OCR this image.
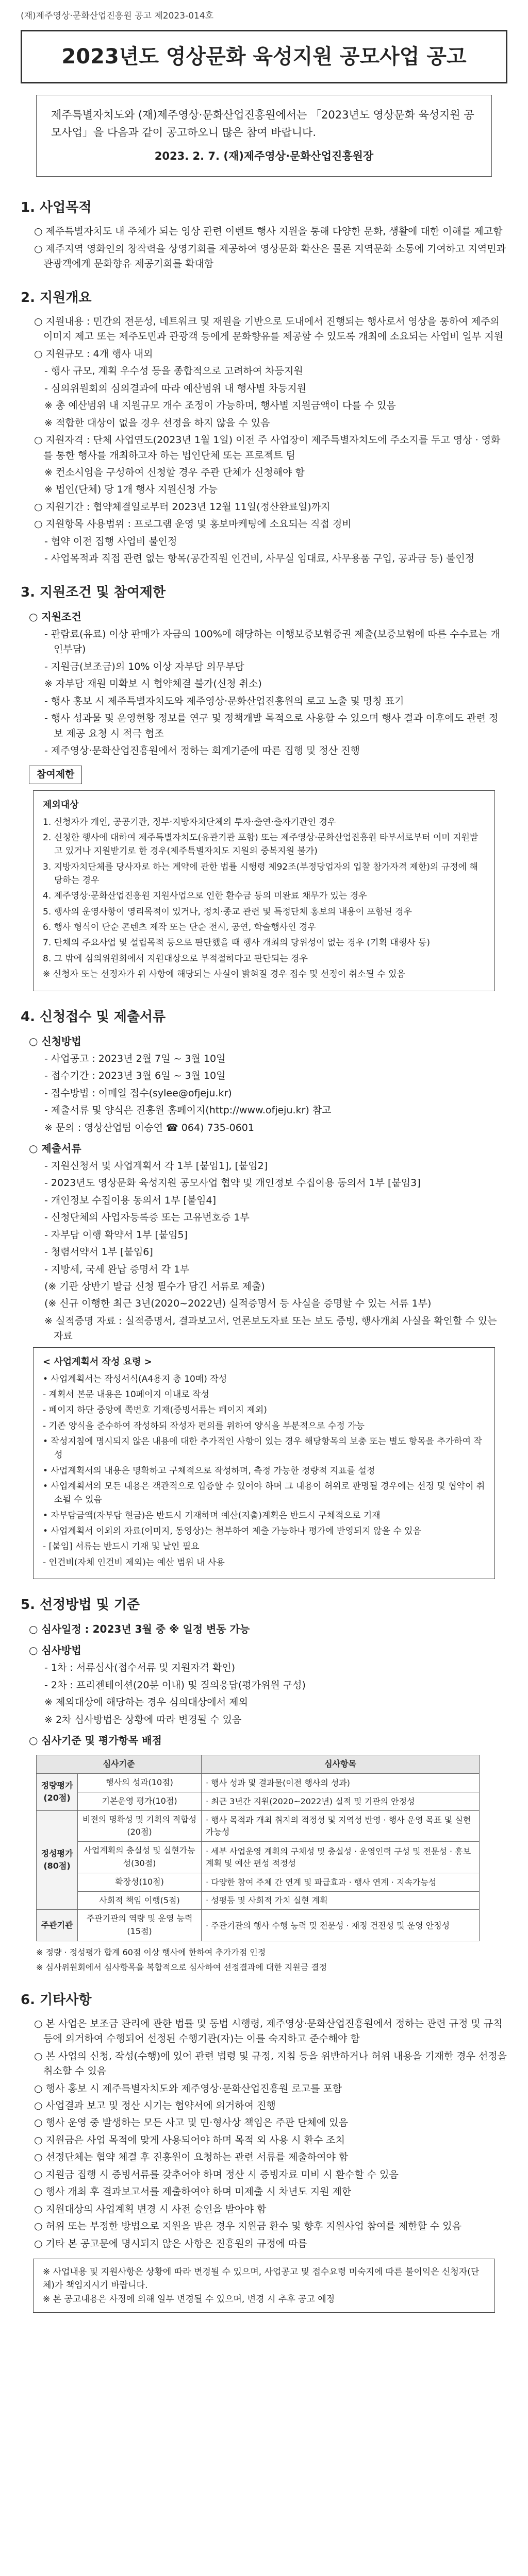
(재)제주영상·문화산업진흥원 공고 제2023-014호
2023년도 영상문화 육성지원 공모사업 공고
제주특별자치도와 (재)제주영상·문화산업진흥원에서는 「2023년도 영상문화 육성지원 공모사업」을 다음과 같이 공고하오니 많은 참여 바랍니다.
2023. 2. 7. (재)제주영상·문화산업진흥원장
1. 사업목적
○ 제주특별자치도 내 주체가 되는 영상 관련 이벤트 행사 지원을 통해 다양한 문화, 생활에 대한 이해를 제고함
○ 제주지역 영화인의 창작력을 상영기회를 제공하여 영상문화 확산은 물론 지역문화 소통에 기여하고 지역민과 관광객에게 문화향유 제공기회를 확대함
2. 지원개요
○ 지원내용 : 민간의 전문성, 네트워크 및 재원을 기반으로 도내에서 진행되는 행사로서 영상을 통하여 제주의 이미지 제고 또는 제주도민과 관광객 등에게 문화향유를 제공할 수 있도록 개최에 소요되는 사업비 일부 지원
○ 지원규모 : 4개 행사 내외
- 행사 규모, 계획 우수성 등을 종합적으로 고려하여 차등지원
- 심의위원회의 심의결과에 따라 예산범위 내 행사별 차등지원
※ 총 예산범위 내 지원규모 개수 조정이 가능하며, 행사별 지원금액이 다를 수 있음
※ 적합한 대상이 없을 경우 선정을 하지 않을 수 있음
○ 지원자격 : 단체 사업연도(2023년 1월 1일) 이전 주 사업장이 제주특별자치도에 주소지를 두고 영상 · 영화를 통한 행사를 개최하고자 하는 법인단체 또는 프로젝트 팀
※ 컨소시엄을 구성하여 신청할 경우 주관 단체가 신청해야 함
※ 법인(단체) 당 1개 행사 지원신청 가능
○ 지원기간 : 협약체결일로부터 2023년 12월 11일(정산완료일)까지
○ 지원항목 사용범위 : 프로그램 운영 및 홍보마케팅에 소요되는 직접 경비
- 협약 이전 집행 사업비 불인정
- 사업목적과 직접 관련 없는 항목(공간직원 인건비, 사무실 임대료, 사무용품 구입, 공과금 등) 불인정
3. 지원조건 및 참여제한
○ 지원조건
- 관람료(유료) 이상 판매가 자금의 100%에 해당하는 이행보증보험증권 제출(보증보험에 따른 수수료는 개인부담)
- 지원금(보조금)의 10% 이상 자부담 의무부담
※ 자부담 재원 미확보 시 협약체결 불가(신청 취소)
- 행사 홍보 시 제주특별자치도와 제주영상·문화산업진흥원의 로고 노출 및 명칭 표기
- 행사 성과물 및 운영현황 정보를 연구 및 정책개발 목적으로 사용할 수 있으며 행사 결과 이후에도 관련 정보 제공 요청 시 적극 협조
- 제주영상·문화산업진흥원에서 정하는 회계기준에 따른 집행 및 정산 진행
참여제한
제외대상
1. 신청자가 개인, 공공기관, 정부·지방자치단체의 투자·출연·출자기관인 경우
2. 신청한 행사에 대하여 제주특별자치도(유관기관 포함) 또는 제주영상·문화산업진흥원 타부서로부터 이미 지원받고 있거나 지원받기로 한 경우(제주특별자치도 지원의 중복지원 불가)
3. 지방자치단체를 당사자로 하는 계약에 관한 법률 시행령 제92조(부정당업자의 입찰 참가자격 제한)의 규정에 해당하는 경우
4. 제주영상·문화산업진흥원 지원사업으로 인한 환수금 등의 미완료 채무가 있는 경우
5. 행사의 운영사항이 영리목적이 있거나, 정치·종교 관련 및 특정단체 홍보의 내용이 포함된 경우
6. 행사 형식이 단순 콘텐츠 제작 또는 단순 전시, 공연, 학술행사인 경우
7. 단체의 주요사업 및 설립목적 등으로 판단했을 때 행사 개최의 당위성이 없는 경우 (기획 대행사 등)
8. 그 밖에 심의위원회에서 지원대상으로 부적절하다고 판단되는 경우
※ 신청자 또는 선정자가 위 사항에 해당되는 사실이 밝혀질 경우 접수 및 선정이 취소될 수 있음
4. 신청접수 및 제출서류
○ 신청방법
- 사업공고 : 2023년 2월 7일 ~ 3월 10일
- 접수기간 : 2023년 3월 6일 ~ 3월 10일
- 접수방법 : 이메일 접수(sylee@ofjeju.kr)
- 제출서류 및 양식은 진흥원 홈페이지(http://www.ofjeju.kr) 참고
※ 문의 : 영상산업팀 이승연 ☎ 064) 735-0601
○ 제출서류
- 지원신청서 및 사업계획서 각 1부 [붙임1], [붙임2]
- 2023년도 영상문화 육성지원 공모사업 협약 및 개인정보 수집이용 동의서 1부 [붙임3]
- 개인정보 수집이용 동의서 1부 [붙임4]
- 신청단체의 사업자등록증 또는 고유번호증 1부
- 자부담 이행 확약서 1부 [붙임5]
- 청렴서약서 1부 [붙임6]
- 지방세, 국세 완납 증명서 각 1부
(※ 기관 상반기 발급 신청 필수가 담긴 서류로 제출)
(※ 신규 이행한 최근 3년(2020~2022년) 실적증명서 등 사실을 증명할 수 있는 서류 1부)
※ 실적증명 자료 : 실적증명서, 결과보고서, 언론보도자료 또는 보도 증빙, 행사개최 사실을 확인할 수 있는 자료
< 사업계획서 작성 요령 >
• 사업계획서는 작성서식(A4용지 총 10매) 작성
- 계획서 본문 내용은 10페이지 이내로 작성
- 페이지 하단 중앙에 쪽번호 기재(증빙서류는 페이지 제외)
- 기존 양식을 준수하여 작성하되 작성자 편의를 위하여 양식을 부분적으로 수정 가능
• 작성지침에 명시되지 않은 내용에 대한 추가적인 사항이 있는 경우 해당항목의 보충 또는 별도 항목을 추가하여 작성
• 사업계획서의 내용은 명확하고 구체적으로 작성하며, 측정 가능한 정량적 지표를 설정
• 사업계획서의 모든 내용은 객관적으로 입증할 수 있어야 하며 그 내용이 허위로 판명될 경우에는 선정 및 협약이 취소될 수 있음
• 자부담금액(자부담 현금)은 반드시 기재하며 예산(지출)계획은 반드시 구체적으로 기재
• 사업계획서 이외의 자료(이미지, 동영상)는 첨부하여 제출 가능하나 평가에 반영되지 않을 수 있음
- [붙임] 서류는 반드시 기재 및 날인 필요
- 인건비(자체 인건비 제외)는 예산 범위 내 사용
5. 선정방법 및 기준
○ 심사일정 : 2023년 3월 중 ※ 일정 변동 가능
○ 심사방법
- 1차 : 서류심사(접수서류 및 지원자격 확인)
- 2차 : 프리젠테이션(20분 이내) 및 질의응답(평가위원 구성)
※ 제외대상에 해당하는 경우 심의대상에서 제외
※ 2차 심사방법은 상황에 따라 변경될 수 있음
○ 심사기준 및 평가항목 배점
심사기준		심사항목
정량평가 (20점)	행사의 성과(10점)	· 행사 성과 및 결과물(이전 행사의 성과)
	기본운영 평가(10점)	· 최근 3년간 지원(2020~2022년) 실적 및 기관의 안정성
정성평가 (80점)	비전의 명확성 및 기획의 적합성(20점)	· 행사 목적과 개최 취지의 적정성 및 지역성 반영 · 행사 운영 목표 및 실현 가능성
	사업계획의 충실성 및 실현가능성(30점)	· 세부 사업운영 계획의 구체성 및 충실성 · 운영인력 구성 및 전문성 · 홍보 계획 및 예산 편성 적정성
	확장성(10점)	· 다양한 참여 주체 간 연계 및 파급효과 · 행사 연계 · 지속가능성
	사회적 책임 이행(5점)	· 성평등 및 사회적 가치 실현 계획
주관기관	주관기관의 역량 및 운영 능력(15점)	· 주관기관의 행사 수행 능력 및 전문성 · 재정 건전성 및 운영 안정성
※ 정량 · 정성평가 합계 60점 이상 행사에 한하여 추가가점 인정
※ 심사위원회에서 심사항목을 복합적으로 심사하여 선정결과에 대한 지원금 결정
6. 기타사항
○ 본 사업은 보조금 관리에 관한 법률 및 동법 시행령, 제주영상·문화산업진흥원에서 정하는 관련 규정 및 규칙 등에 의거하여 수행되어 선정된 수행기관(자)는 이를 숙지하고 준수해야 함
○ 본 사업의 신청, 작성(수행)에 있어 관련 법령 및 규정, 지침 등을 위반하거나 허위 내용을 기재한 경우 선정을 취소할 수 있음
○ 행사 홍보 시 제주특별자치도와 제주영상·문화산업진흥원 로고를 포함
○ 사업결과 보고 및 정산 시기는 협약서에 의거하여 진행
○ 행사 운영 중 발생하는 모든 사고 및 민·형사상 책임은 주관 단체에 있음
○ 지원금은 사업 목적에 맞게 사용되어야 하며 목적 외 사용 시 환수 조치
○ 선정단체는 협약 체결 후 진흥원이 요청하는 관련 서류를 제출하여야 함
○ 지원금 집행 시 증빙서류를 갖추어야 하며 정산 시 증빙자료 미비 시 환수할 수 있음
○ 행사 개최 후 결과보고서를 제출하여야 하며 미제출 시 차년도 지원 제한
○ 지원대상의 사업계획 변경 시 사전 승인을 받아야 함
○ 허위 또는 부정한 방법으로 지원을 받은 경우 지원금 환수 및 향후 지원사업 참여를 제한할 수 있음
○ 기타 본 공고문에 명시되지 않은 사항은 진흥원의 규정에 따름
※ 사업내용 및 지원사항은 상황에 따라 변경될 수 있으며, 사업공고 및 접수요령 미숙지에 따른 불이익은 신청자(단체)가 책임지시기 바랍니다.
※ 본 공고내용은 사정에 의해 일부 변경될 수 있으며, 변경 시 추후 공고 예정
